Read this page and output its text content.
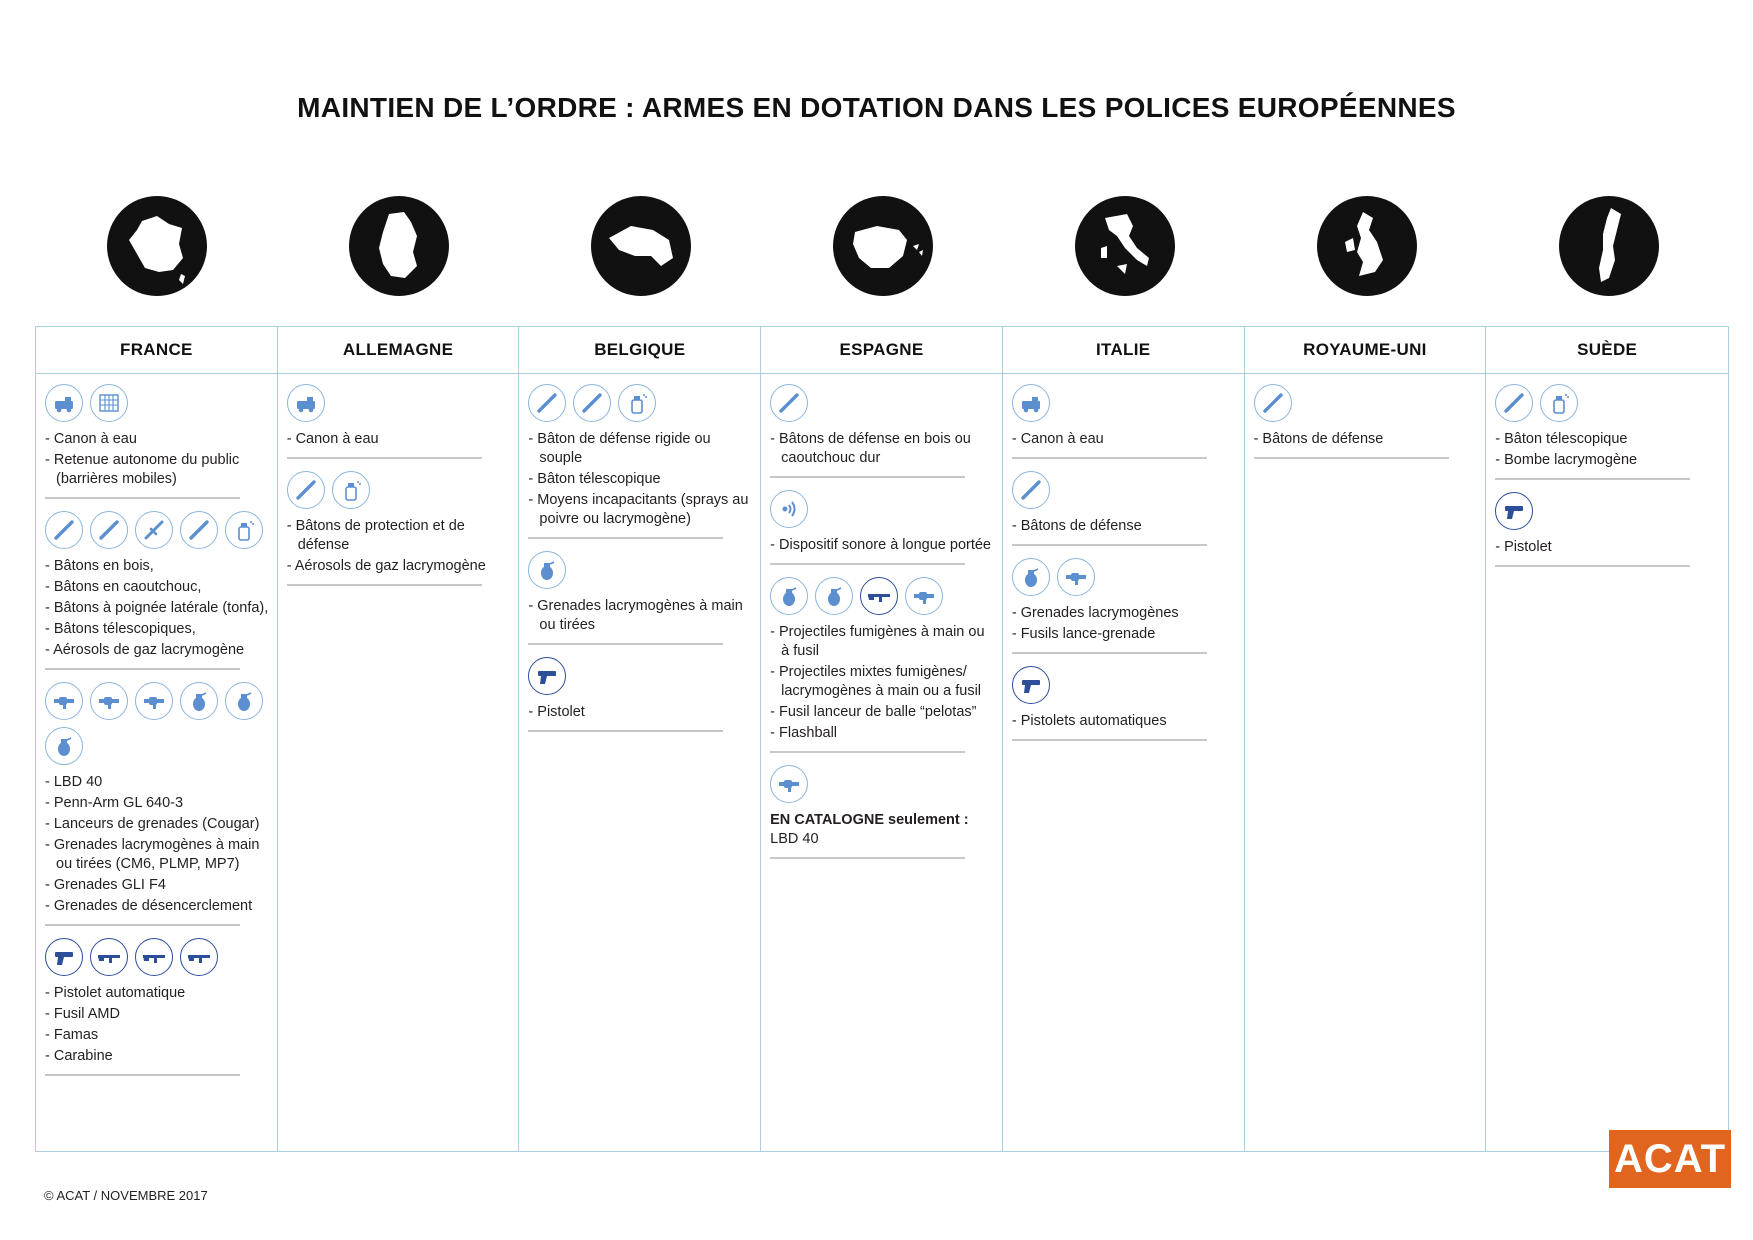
MAINTIEN DE L’ORDRE : ARMES EN DOTATION DANS LES POLICES EUROPÉENNES
FRANCE
- Canon à eau
- Retenue autonome du public (barrières mobiles)
- Bâtons en bois,
- Bâtons en caoutchouc,
- Bâtons à poignée latérale (tonfa),
- Bâtons télescopiques,
- Aérosols de gaz lacrymogène
- LBD 40
- Penn-Arm GL 640-3
- Lanceurs de grenades (Cougar)
- Grenades lacrymogènes à main ou tirées (CM6, PLMP, MP7)
- Grenades GLI F4
- Grenades de désencerclement
- Pistolet automatique
- Fusil AMD
- Famas
- Carabine
ALLEMAGNE
- Canon à eau
- Bâtons de protection et de défense
- Aérosols de gaz lacrymogène
BELGIQUE
- Bâton de défense rigide ou souple
- Bâton télescopique
- Moyens incapacitants (sprays au poivre ou lacrymogène)
- Grenades lacrymogènes à main ou tirées
- Pistolet
ESPAGNE
- Bâtons de défense en bois ou caoutchouc dur
- Dispositif sonore à longue portée
- Projectiles fumigènes à main ou à fusil
- Projectiles mixtes fumigènes/ lacrymogènes à main ou a fusil
- Fusil lanceur de balle “pelotas”
- Flashball
EN CATALOGNE seulement :
LBD 40
ITALIE
- Canon à eau
- Bâtons de défense
- Grenades lacrymogènes
- Fusils lance-grenade
- Pistolets automatiques
ROYAUME-UNI
- Bâtons de défense
SUÈDE
- Bâton télescopique
- Bombe lacrymogène
- Pistolet
© ACAT / NOVEMBRE 2017
ACAT
